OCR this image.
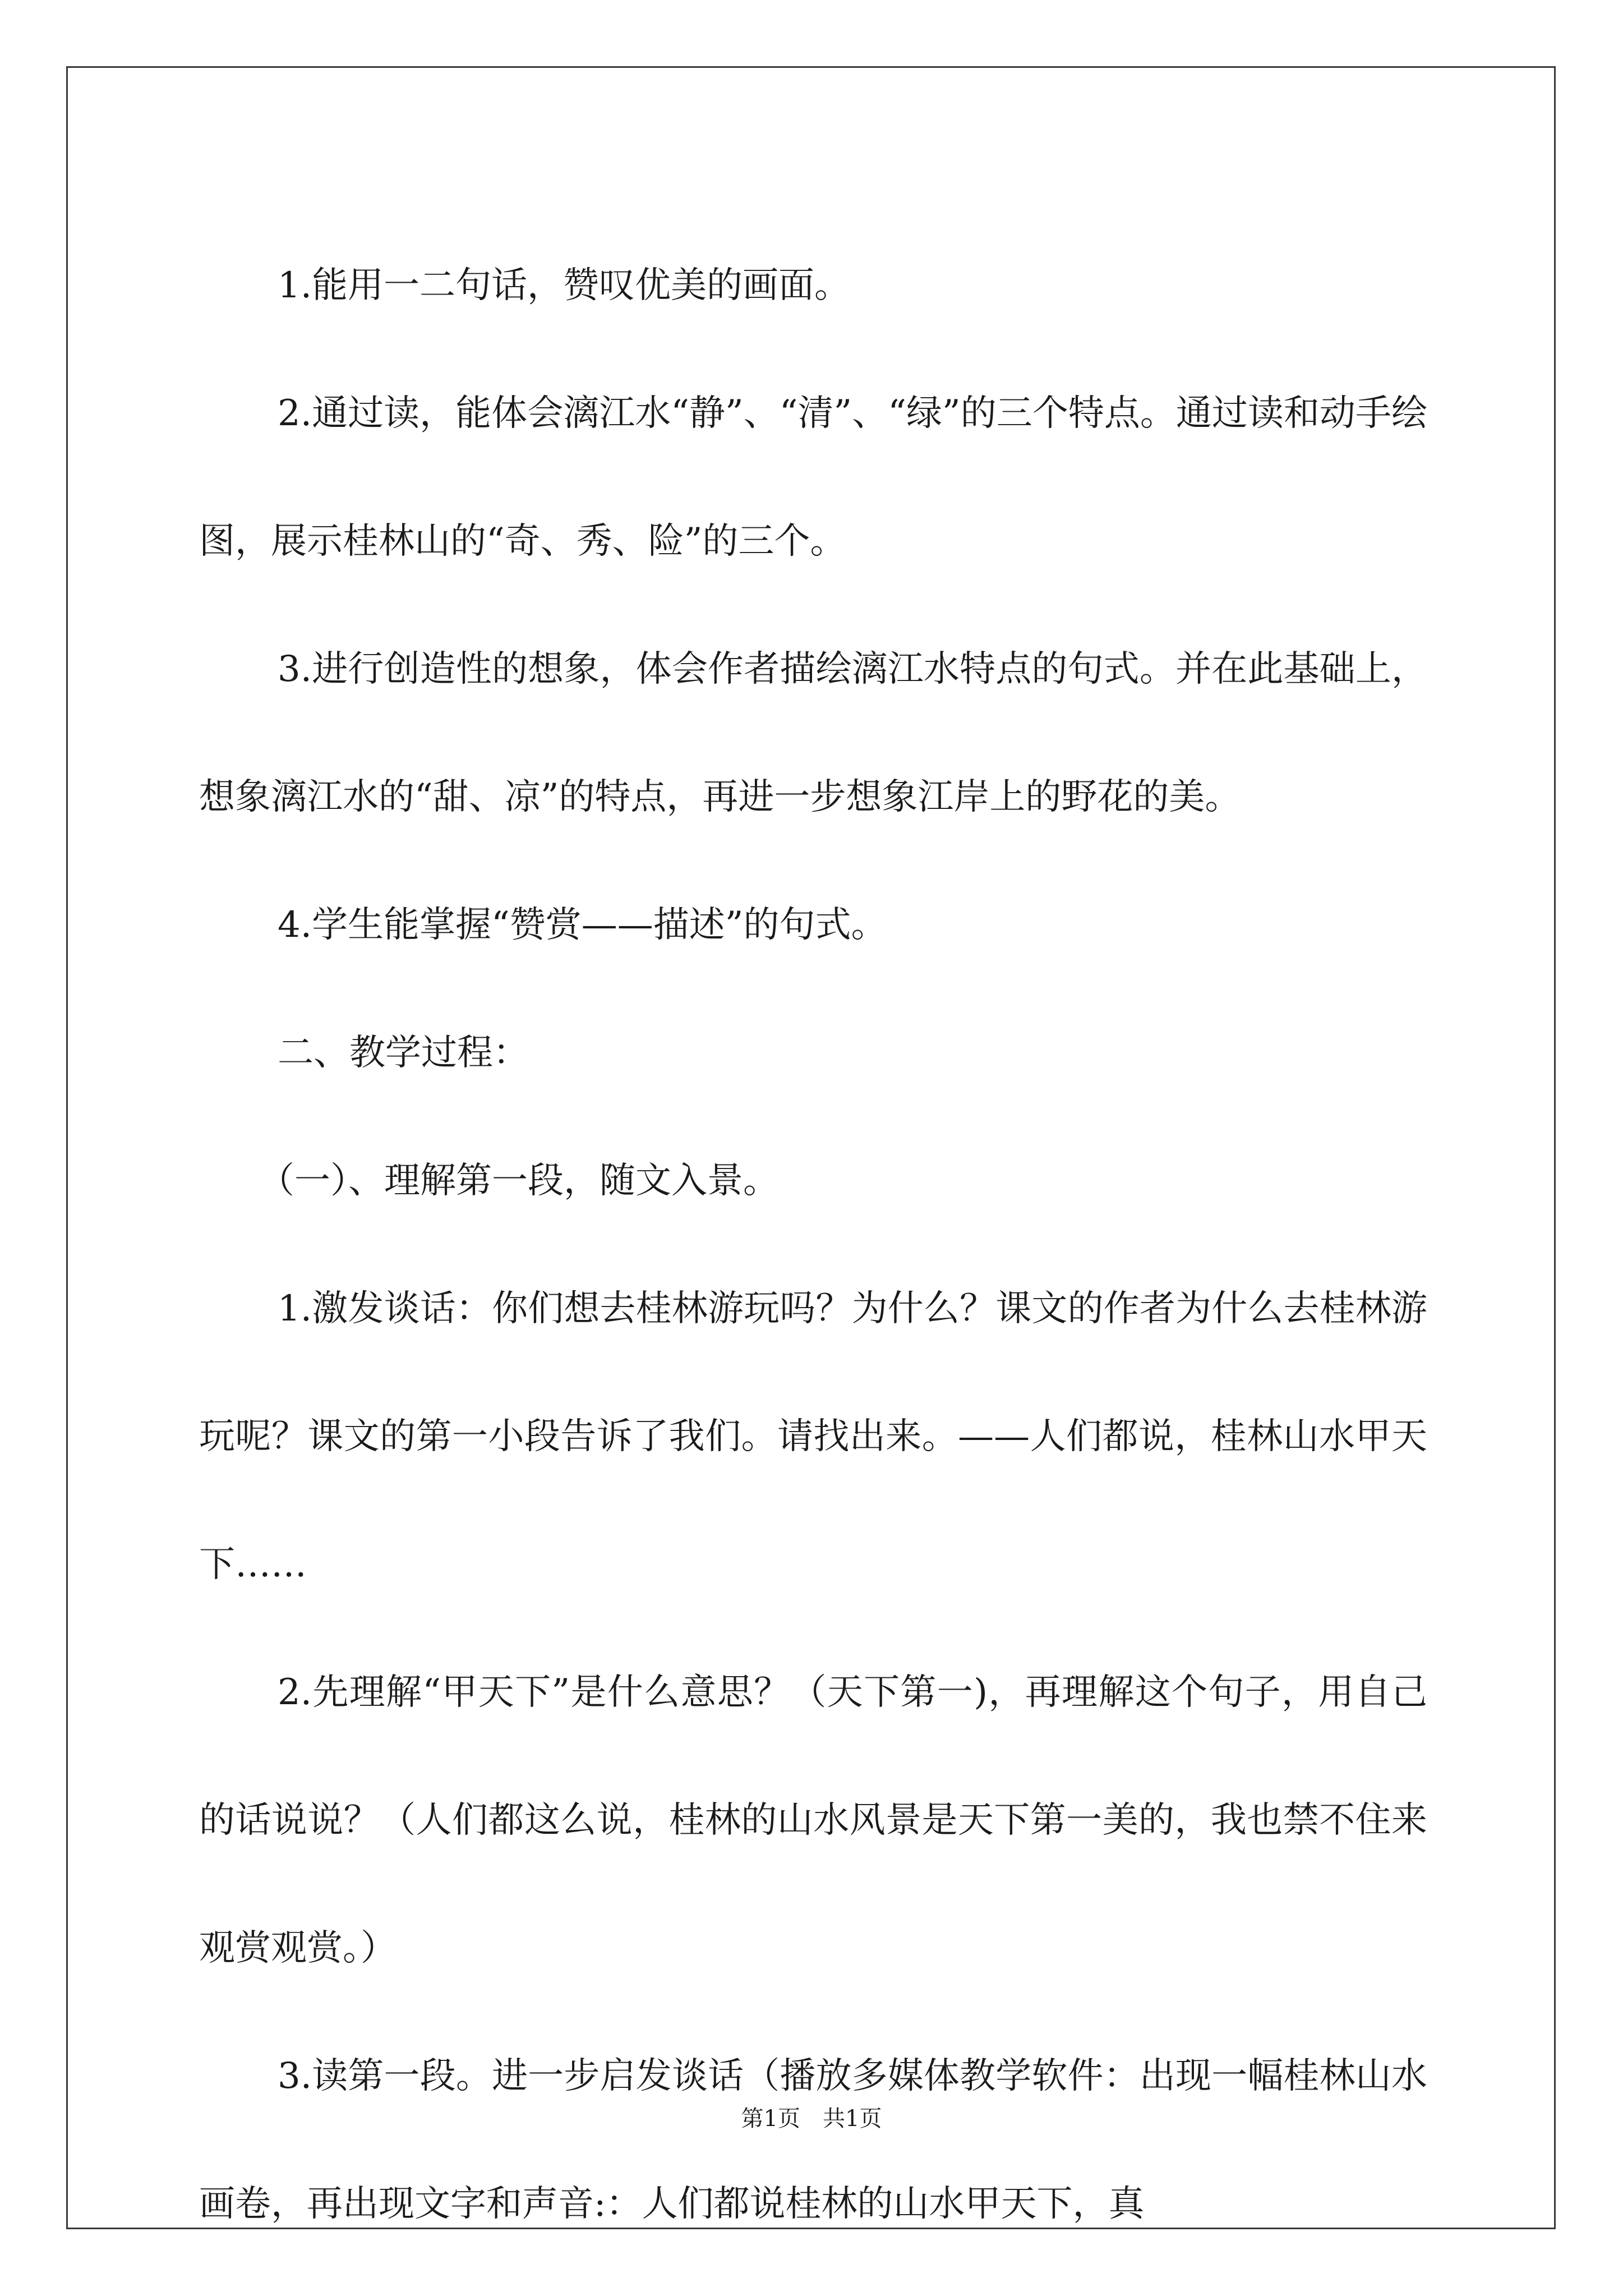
1.能用一二句话，赞叹优美的画面。

2.通过读，能体会漓江水“静”、“清”、“绿”的三个特点。通过读和动手绘图，展示桂林山的“奇、秀、险”的三个。

3.进行创造性的想象，体会作者描绘漓江水特点的句式。并在此基础上，想象漓江水的“甜、凉”的特点，再进一步想象江岸上的野花的美。

4.学生能掌握“赞赏——描述”的句式。

二、教学过程：

（一）、理解第一段，随文入景。

1.激发谈话：你们想去桂林游玩吗？为什么？课文的作者为什么去桂林游玩呢？课文的第一小段告诉了我们。请找出来。——人们都说，桂林山水甲天下……

2.先理解“甲天下”是什么意思？（天下第一)，再理解这个句子，用自己的话说说？（人们都这么说，桂林的山水风景是天下第一美的，我也禁不住来观赏观赏。）

3.读第一段。进一步启发谈话（播放多媒体教学软件：出现一幅桂林山水画卷，再出现文字和声音:：人们都说桂林的山水甲天下，真

第1页　共1页
